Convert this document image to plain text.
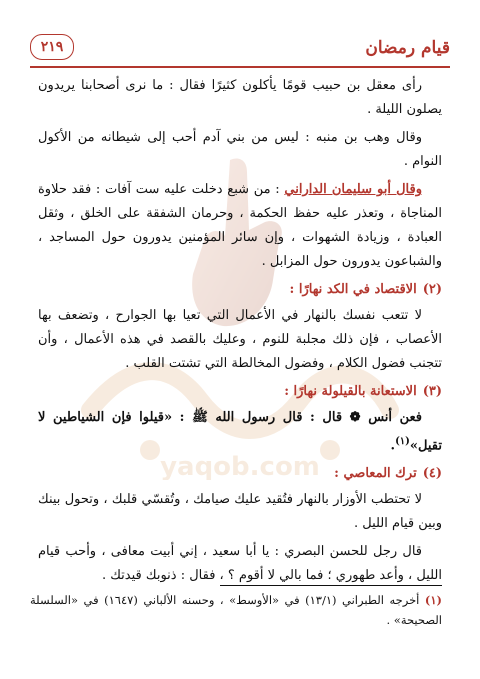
yaqob.com
قيام رمضان
٢١٩

رأى معقل بن حبيب قومًا يأكلون كثيرًا فقال : ما نرى أصحابنا يريدون يصلون الليلة .

وقال وهب بن منبه : ليس من بني آدم أحب إلى شيطانه من الأكول النوام .

وقال أبو سليمان الداراني : من شبع دخلت عليه ست آفات : فقد حلاوة المناجاة ، وتعذر عليه حفظ الحكمة ، وحرمان الشفقة على الخلق ، وثقل العبادة ، وزيادة الشهوات ، وإن سائر المؤمنين يدورون حول المساجد ، والشباعون يدورون حول المزابل .

(٢)الاقتصاد في الكد نهارًا :

لا تتعب نفسك بالنهار في الأعمال التي تعيا بها الجوارح ، وتضعف بها الأعصاب ، فإن ذلك مجلبة للنوم ، وعليك بالقصد في هذه الأعمال ، وأن تتجنب فضول الكلام ، وفضول المخالطة التي تشتت القلب .

(٣)الاستعانة بالقيلولة نهارًا :

فعن أنس ❁ قال : قال رسول الله ﷺ : «قيلوا فإن الشياطين لا تقيل»$^{(١)}$.

(٤)ترك المعاصي :

لا تحتطب الأوزار بالنهار فتُقيد عليك صيامك ، وتُقسّي قلبك ، وتحول بينك وبين قيام الليل .

قال رجل للحسن البصري : يا أبا سعيد ، إني أبيت معافى ، وأحب قيام الليل ، وأعد طهوري ؛ فما بالي لا أقوم ؟ ، فقال : ذنوبك قيدتك .

(١) أخرجه الطبراني (١٣/١) في «الأوسط» ، وحسنه الألباني (١٦٤٧) في «السلسلة الصحيحة» .
